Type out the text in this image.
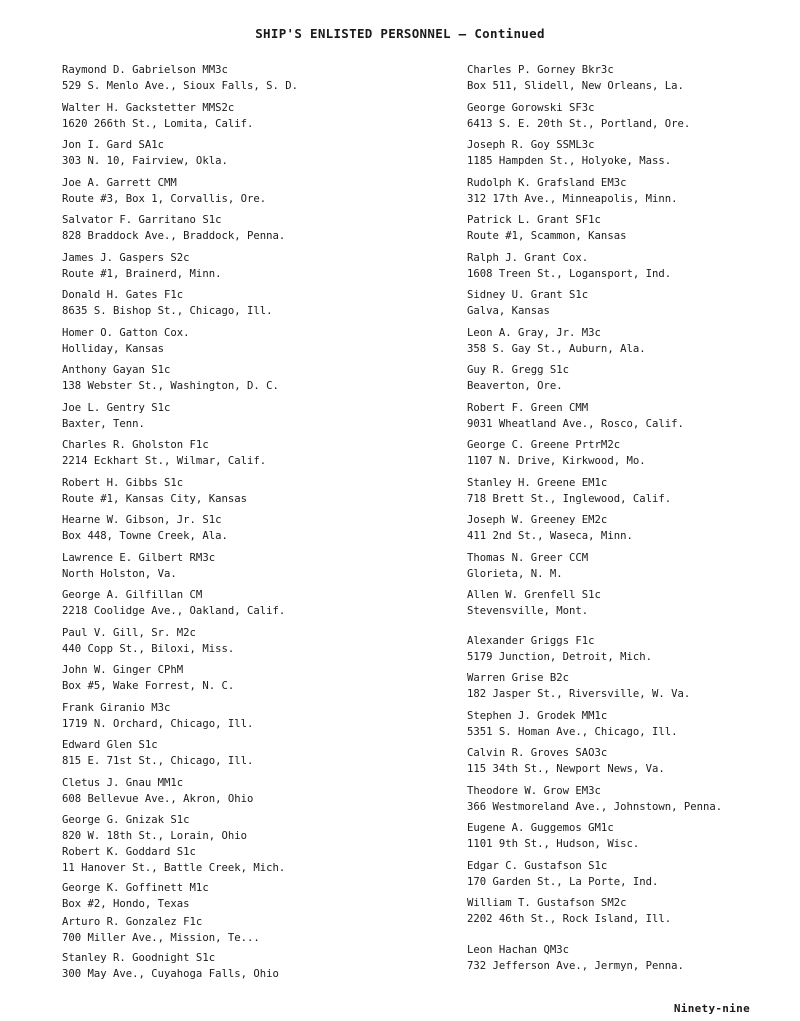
SHIP'S ENLISTED PERSONNEL — Continued
Raymond D. Gabrielson MM3c
529 S. Menlo Ave., Sioux Falls, S. D.
Walter H. Gackstetter MMS2c
1620 266th St., Lomita, Calif.
Jon I. Gard SA1c
303 N. 10, Fairview, Okla.
Joe A. Garrett CMM
Route #3, Box 1, Corvallis, Ore.
Salvator F. Garritano S1c
828 Braddock Ave., Braddock, Penna.
James J. Gaspers S2c
Route #1, Brainerd, Minn.
Donald H. Gates F1c
8635 S. Bishop St., Chicago, Ill.
Homer O. Gatton Cox.
Holliday, Kansas
Anthony Gayan S1c
138 Webster St., Washington, D. C.
Joe L. Gentry S1c
Baxter, Tenn.
Charles R. Gholston F1c
2214 Eckhart St., Wilmar, Calif.
Robert H. Gibbs S1c
Route #1, Kansas City, Kansas
Hearne W. Gibson, Jr. S1c
Box 448, Towne Creek, Ala.
Lawrence E. Gilbert RM3c
North Holston, Va.
George A. Gilfillan CM
2218 Coolidge Ave., Oakland, Calif.
Paul V. Gill, Sr. M2c
440 Copp St., Biloxi, Miss.
John W. Ginger CPhM
Box #5, Wake Forrest, N. C.
Frank Giranio M3c
1719 N. Orchard, Chicago, Ill.
Edward Glen S1c
815 E. 71st St., Chicago, Ill.
Cletus J. Gnau MM1c
608 Bellevue Ave., Akron, Ohio
George G. Gnizak S1c
820 W. 18th St., Lorain, Ohio
Robert K. Goddard S1c
11 Hanover St., Battle Creek, Mich.
George K. Goffinett M1c
Box #2, Hondo, Texas
Arturo R. Gonzalez F1c
700 Miller Ave., Mission, Te...
Stanley R. Goodnight S1c
300 May Ave., Cuyahoga Falls, Ohio
Charles P. Gorney Bkr3c
Box 511, Slidell, New Orleans, La.
George Gorowski SF3c
6413 S. E. 20th St., Portland, Ore.
Joseph R. Goy SSML3c
1185 Hampden St., Holyoke, Mass.
Rudolph K. Grafsland EM3c
312 17th Ave., Minneapolis, Minn.
Patrick L. Grant SF1c
Route #1, Scammon, Kansas
Ralph J. Grant Cox.
1608 Treen St., Logansport, Ind.
Sidney U. Grant S1c
Galva, Kansas
Leon A. Gray, Jr. M3c
358 S. Gay St., Auburn, Ala.
Guy R. Gregg S1c
Beaverton, Ore.
Robert F. Green CMM
9031 Wheatland Ave., Rosco, Calif.
George C. Greene PrtrM2c
1107 N. Drive, Kirkwood, Mo.
Stanley H. Greene EM1c
718 Brett St., Inglewood, Calif.
Joseph W. Greeney EM2c
411 2nd St., Waseca, Minn.
Thomas N. Greer CCM
Glorieta, N. M.
Allen W. Grenfell S1c
Stevensville, Mont.
Alexander Griggs F1c
5179 Junction, Detroit, Mich.
Warren Grise B2c
182 Jasper St., Riversville, W. Va.
Stephen J. Grodek MM1c
5351 S. Homan Ave., Chicago, Ill.
Calvin R. Groves SAO3c
115 34th St., Newport News, Va.
Theodore W. Grow EM3c
366 Westmoreland Ave., Johnstown, Penna.
Eugene A. Guggemos GM1c
1101 9th St., Hudson, Wisc.
Edgar C. Gustafson S1c
170 Garden St., La Porte, Ind.
William T. Gustafson SM2c
2202 46th St., Rock Island, Ill.
Leon Hachan QM3c
732 Jefferson Ave., Jermyn, Penna.
Ninety-nine
